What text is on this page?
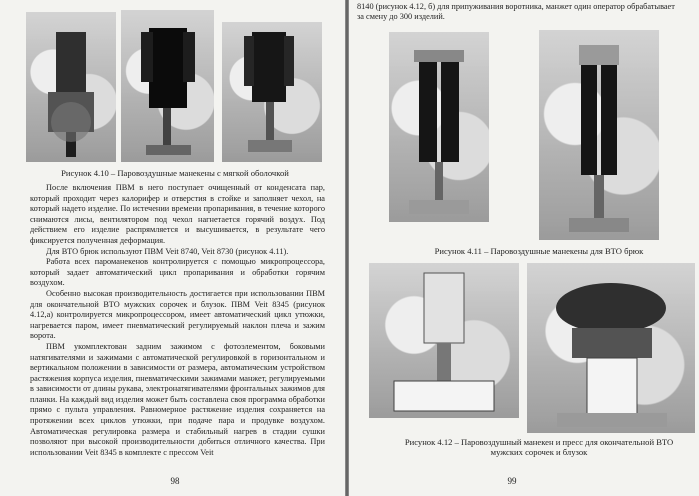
Рисунок 4.10 – Паровоздушные манекены с мягкой оболочкой

После включения ПВМ в него поступает очищенный от конденсата пар, который проходит через калорифер и отверстия в стойке и заполняет чехол, на который надето изделие. По истечении времени пропаривания, в течение которого снимаются лисы, вентилятором под чехол нагнетается горячий воздух. Под действием его изделие распрямляется и высушивается, в результате чего фиксируется полученная деформация.

Для ВТО брюк используют ПВМ Veit 8740, Veit 8730 (рисунок 4.11).

Работа всех паромaнекенов контролируется с помощью микропроцессора, который задает автоматический цикл пропаривания и обработки горячим воздухом.

Особенно высокая производительность достигается при использовании ПВМ для окончательной ВТО мужских сорочек и блузок. ПВМ Veit 8345 (рисунок 4.12,а) контролируется микропроцессором, имеет автоматический цикл утюжки, нагревается паром, имеет пневматический регулируемый наклон плеча и зажим ворота.

ПВМ укомплектован задним зажимом с фотоэлементом, боковыми натягивателями и зажимами с автоматической регулировкой в горизонтальном и вертикальном положении в зависимости от размера, автоматическим устройством растяжения корпуса изделия, пневматическими зажимами манжет, регулируемыми в зависимости от длины рукава, электронатягивателями фронтальных зажимов для планки. На каждый вид изделия может быть составлена своя программа обработки прямо с пульта управления. Равномерное растяжение изделия сохраняется на протяжении всех циклов утюжки, при подаче пара и продувке воздухом. Автоматическая регулировка размера и стабильный нагрев в стадии сушки позволяют при высокой производительности добиться отличного качества. При использовании Veit 8345 в комплекте с прессом Veit

98
8140 (рисунок 4.12, б) для припуживания воротника, манжет один оператор обрабатывает за смену до 300 изделий.
Рисунок 4.11 – Паровоздушные манекены для ВТО брюк
Рисунок 4.12 – Паровоздушный манекен и пресс для окончательной ВТО мужских сорочек и блузок
99
